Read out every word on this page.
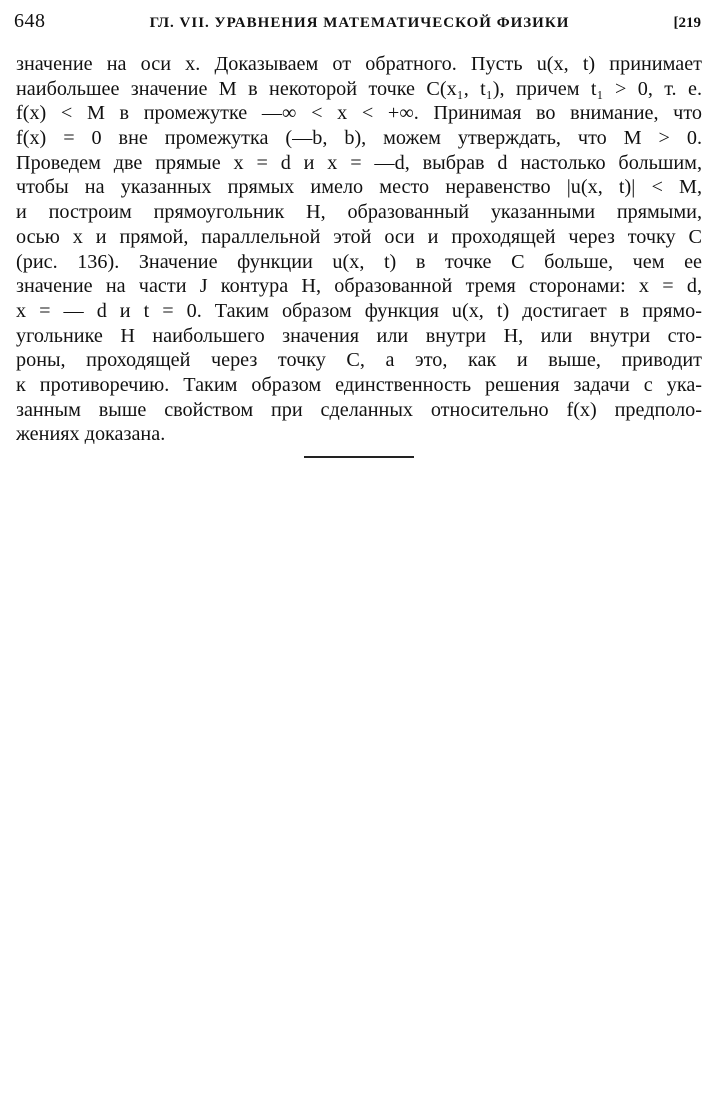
648	ГЛ. VII. УРАВНЕНИЯ МАТЕМАТИЧЕСКОЙ ФИЗИКИ	[219
значение на оси x. Доказываем от обратного. Пусть u(x, t) принимает
наибольшее значение M в некоторой точке C(x₁, t₁), причем t₁ > 0, т. е.
f(x) < M в промежутке —∞ < x < +∞. Принимая во внимание, что
f(x) = 0 вне промежутка (—b, b), можем утверждать, что M > 0.
Проведем две прямые x = d и x = —d, выбрав d настолько большим,
чтобы на указанных прямых имело место неравенство |u(x, t)| < M,
и построим прямоугольник H, образованный указанными прямыми,
осью x и прямой, параллельной этой оси и проходящей через точку C
(рис. 136). Значение функции u(x, t) в точке C больше, чем ее
значение на части J контура H, образованной тремя сторонами: x = d,
x = — d и t = 0. Таким образом функция u(x, t) достигает в прямо-
угольнике H наибольшего значения или внутри H, или внутри сто-
роны, проходящей через точку C, а это, как и выше, приводит
к противоречию. Таким образом единственность решения задачи с ука-
занным выше свойством при сделанных относительно f(x) предполо-
жениях доказана.
